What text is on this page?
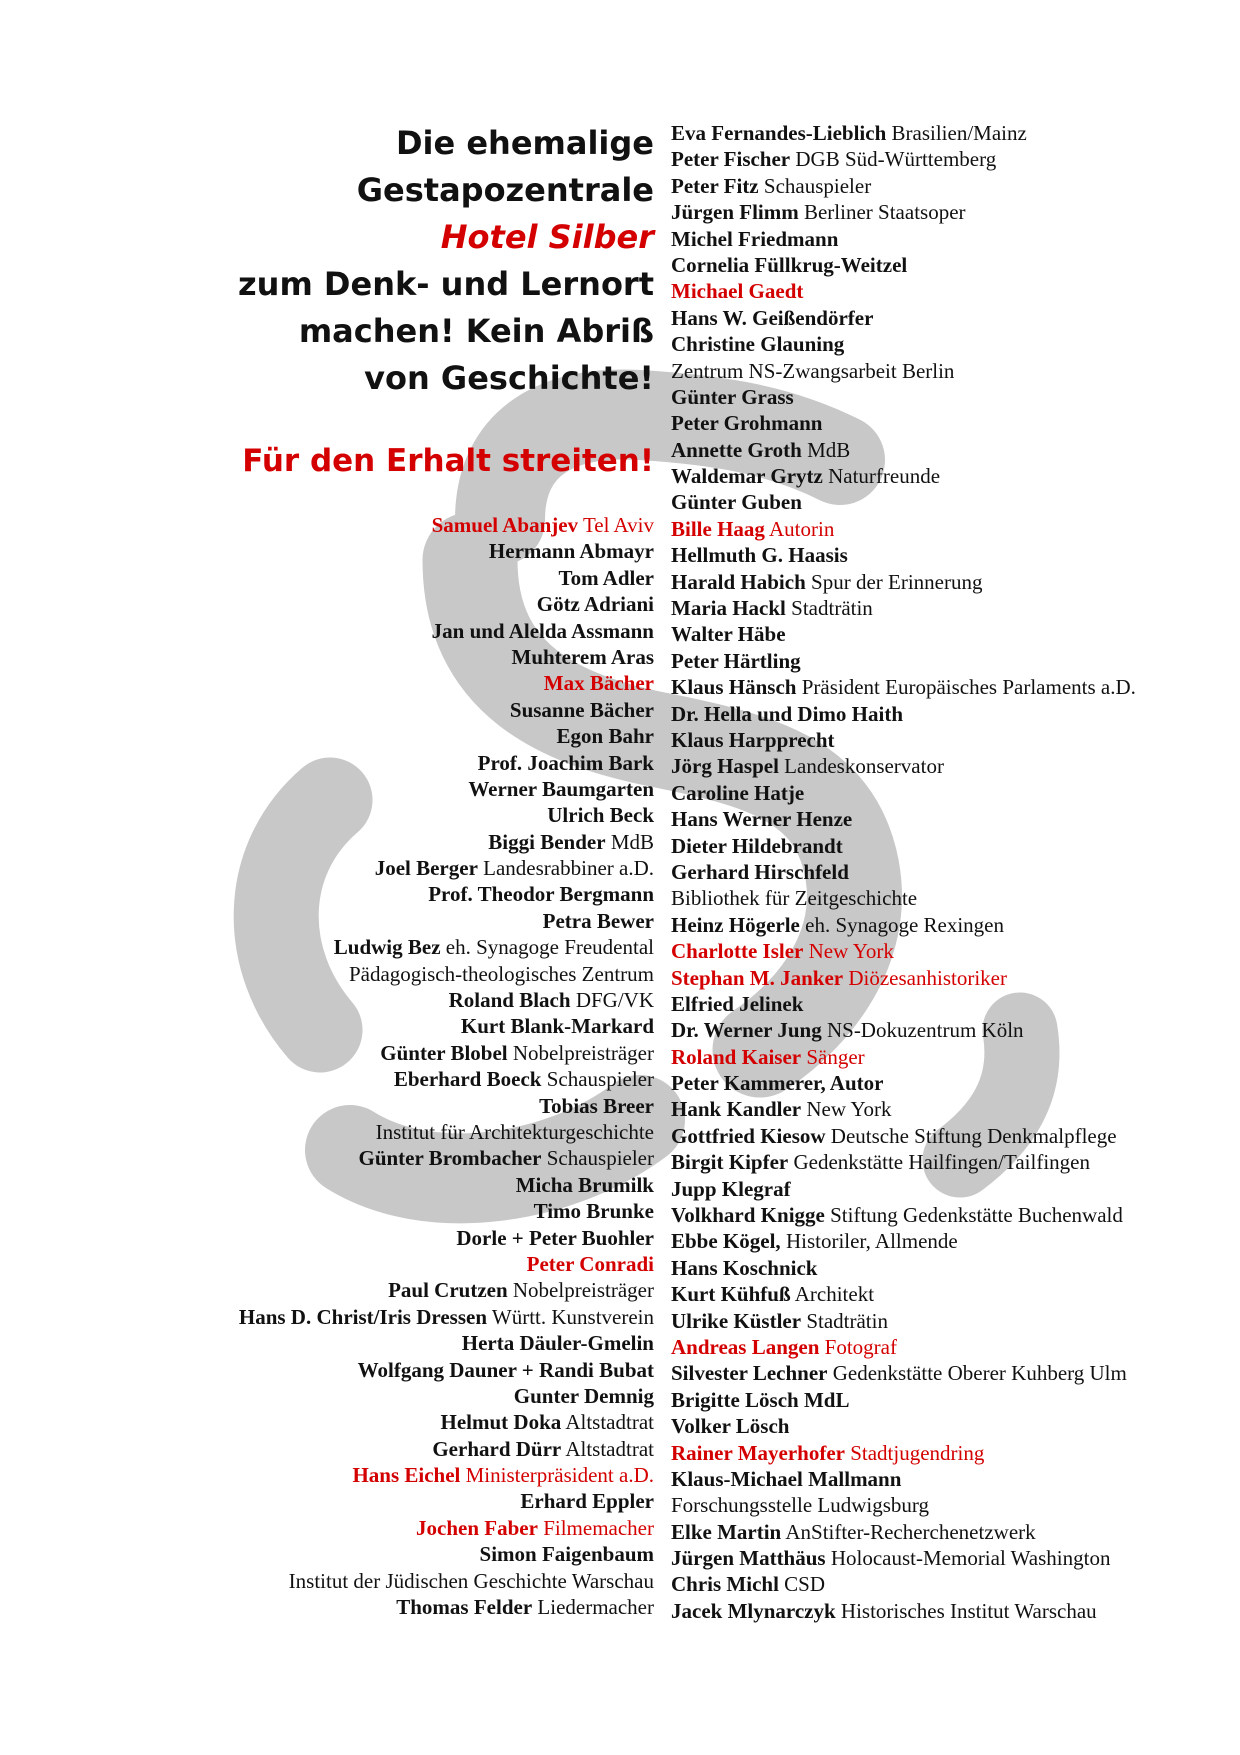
Die ehemalige
Gestapozentrale
Hotel Silber
zum Denk- und Lernort
machen! Kein Abriß
von Geschichte!
Für den Erhalt streiten!
Samuel Abanjev Tel Aviv
Hermann Abmayr
Tom Adler
Götz Adriani
Jan und Alelda Assmann
Muhterem Aras
Max Bächer
Susanne Bächer
Egon Bahr
Prof. Joachim Bark
Werner Baumgarten
Ulrich Beck
Biggi Bender MdB
Joel Berger Landesrabbiner a.D.
Prof. Theodor Bergmann
Petra Bewer
Ludwig Bez eh. Synagoge Freudental
Pädagogisch-theologisches Zentrum
Roland Blach DFG/VK
Kurt Blank-Markard
Günter Blobel Nobelpreisträger
Eberhard Boeck Schauspieler
Tobias Breer
Institut für Architekturgeschichte
Günter Brombacher Schauspieler
Micha Brumilk
Timo Brunke
Dorle + Peter Buohler
Peter Conradi
Paul Crutzen Nobelpreisträger
Hans D. Christ/Iris Dressen Württ. Kunstverein
Herta Däuler-Gmelin
Wolfgang Dauner + Randi Bubat
Gunter Demnig
Helmut Doka Altstadtrat
Gerhard Dürr Altstadtrat
Hans Eichel Ministerpräsident a.D.
Erhard Eppler
Jochen Faber Filmemacher
Simon Faigenbaum
Institut der Jüdischen Geschichte Warschau
Thomas Felder Liedermacher
Eva Fernandes-Lieblich Brasilien/Mainz
Peter Fischer DGB Süd-Württemberg
Peter Fitz Schauspieler
Jürgen Flimm Berliner Staatsoper
Michel Friedmann
Cornelia Füllkrug-Weitzel
Michael Gaedt
Hans W. Geißendörfer
Christine Glauning
Zentrum NS-Zwangsarbeit Berlin
Günter Grass
Peter Grohmann
Annette Groth MdB
Waldemar Grytz Naturfreunde
Günter Guben
Bille Haag Autorin
Hellmuth G. Haasis
Harald Habich Spur der Erinnerung
Maria Hackl Stadträtin
Walter Häbe
Peter Härtling
Klaus Hänsch Präsident Europäisches Parlaments a.D.
Dr. Hella und Dimo Haith
Klaus Harpprecht
Jörg Haspel Landeskonservator
Caroline Hatje
Hans Werner Henze
Dieter Hildebrandt
Gerhard Hirschfeld
Bibliothek für Zeitgeschichte
Heinz Högerle eh. Synagoge Rexingen
Charlotte Isler New York
Stephan M. Janker Diözesanhistoriker
Elfried Jelinek
Dr. Werner Jung NS-Dokuzentrum Köln
Roland Kaiser Sänger
Peter Kammerer, Autor
Hank Kandler New York
Gottfried Kiesow Deutsche Stiftung Denkmalpflege
Birgit Kipfer Gedenkstätte Hailfingen/Tailfingen
Jupp Klegraf
Volkhard Knigge Stiftung Gedenkstätte Buchenwald
Ebbe Kögel, Historiler, Allmende
Hans Koschnick
Kurt Kühfuß Architekt
Ulrike Küstler Stadträtin
Andreas Langen Fotograf
Silvester Lechner Gedenkstätte Oberer Kuhberg Ulm
Brigitte Lösch MdL
Volker Lösch
Rainer Mayerhofer Stadtjugendring
Klaus-Michael Mallmann
Forschungsstelle Ludwigsburg
Elke Martin AnStifter-Recherchenetzwerk
Jürgen Matthäus Holocaust-Memorial Washington
Chris Michl CSD
Jacek Mlynarczyk Historisches Institut Warschau
